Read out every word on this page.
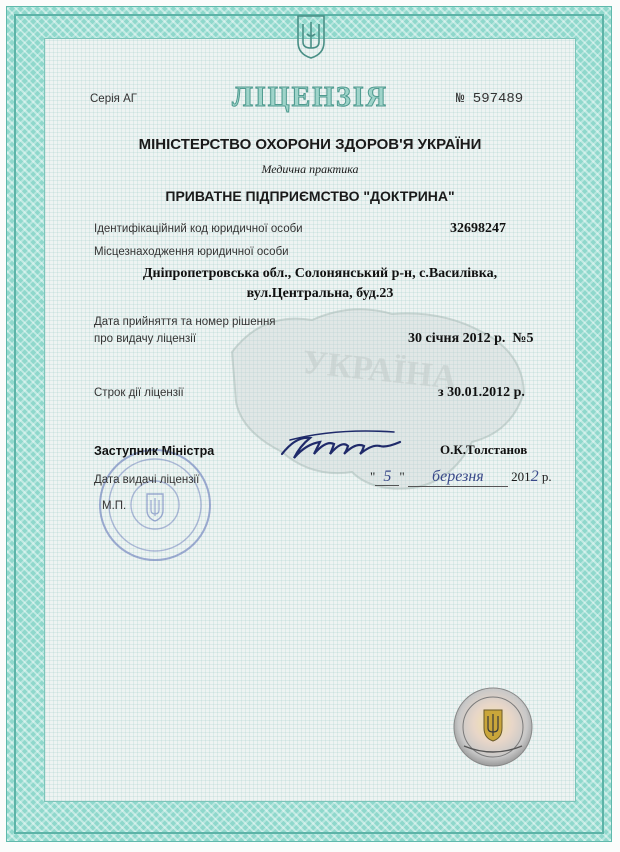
УКРАЇНА
Серія АГ	ЛІЦЕНЗІЯ	№ 597489
МІНІСТЕРСТВО ОХОРОНИ ЗДОРОВ'Я УКРАЇНИ
Медична практика
ПРИВАТНЕ ПІДПРИЄМСТВО "ДОКТРИНА"
Ідентифікаційний код юридичної особи	32698247
Місцезнаходження юридичної особи
Дніпропетровська обл., Солонянський р-н, с.Василівка,
вул.Центральна, буд.23
Дата прийняття та номер рішення
про видачу ліцензії	30 січня 2012 р.  №5
Строк дії ліцензії	з 30.01.2012 р.
Заступник Міністра	О.К.Толстанов
Дата видачі ліцензії	" 5 " березня 2012 р.
М.П.
